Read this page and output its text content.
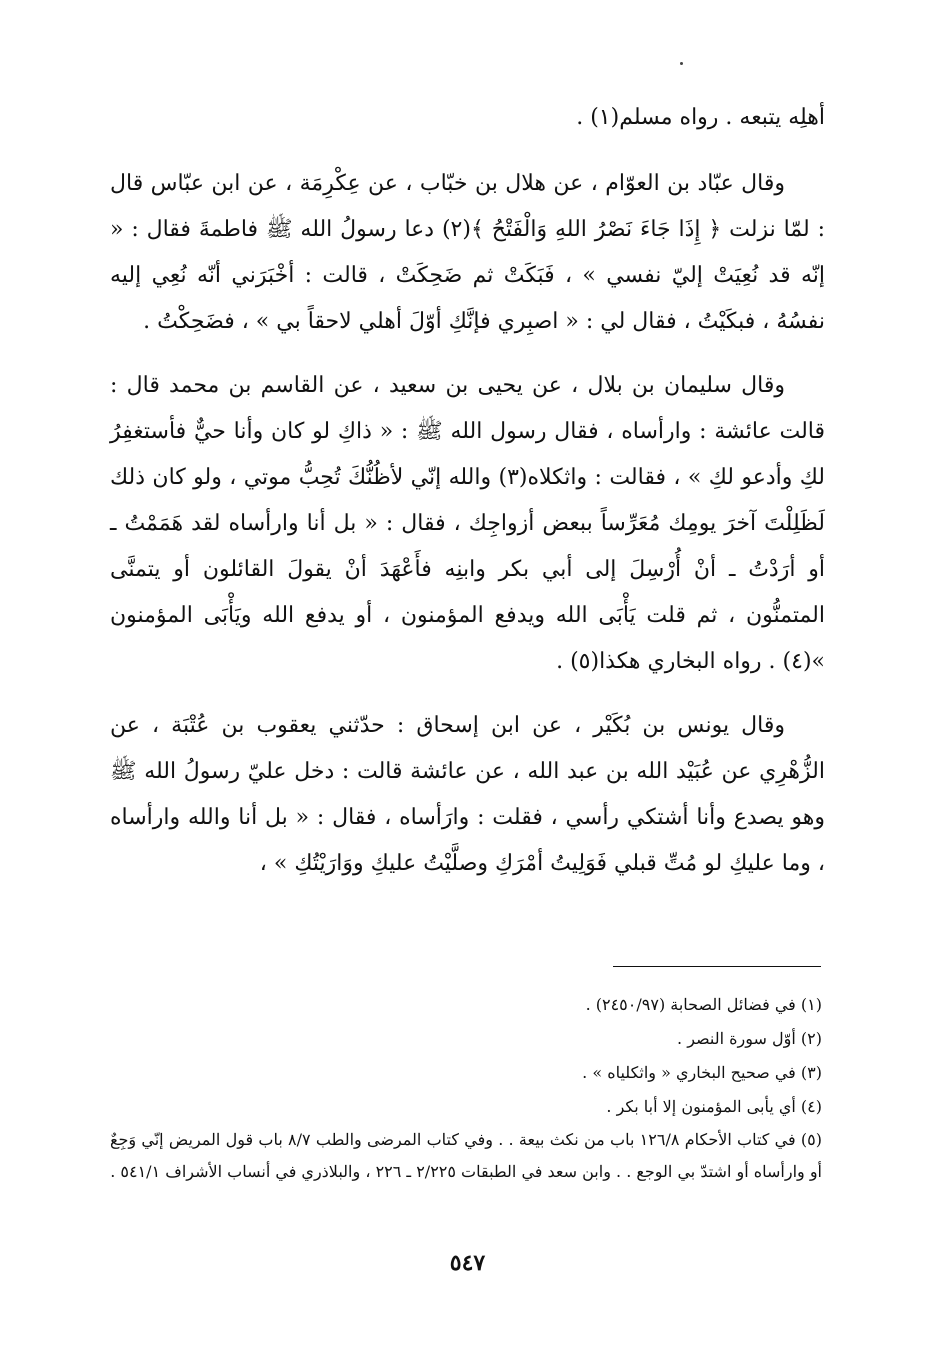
أهلِه يتبعه . رواه مسلم(١) .

وقال عبّاد بن العوّام ، عن هلال بن خبّاب ، عن عِكْرِمَة ، عن ابن عبّاس قال : لمّا نزلت ﴿ إِذَا جَاءَ نَصْرُ اللهِ وَالْفَتْحُ ﴾(٢) دعا رسولُ الله ﷺ فاطمةَ فقال : « إنّه قد نُعِيَتْ إليّ نفسي » ، فَبَكَتْ ثم ضَحِكَتْ ، قالت : أخْبَرَني أنّه نُعِي إليه نفسُهُ ، فبكَيْتُ ، فقال لي : « اصبِري فإنَّكِ أوّلَ أهلي لاحقاً بي » ، فضَحِكْتُ .

وقال سليمان بن بلال ، عن يحيى بن سعيد ، عن القاسم بن محمد قال : قالت عائشة : وارأساه ، فقال رسول الله ﷺ : « ذاكِ لو كان وأنا حيٌّ فأستغفِرُ لكِ وأدعو لكِ » ، فقالت : واثكلاه(٣) والله إنّي لأظُنُّكَ تُحِبُّ موتي ، ولو كان ذلك لَظَلِلْتَ آخرَ يومِك مُعَرِّساً ببعض أزواجِك ، فقال : « بل أنا وارأساه لقد هَمَمْتُ ـ أو أرَدْتُ ـ أنْ أُرْسِلَ إلى أبي بكر وابنِه فأَعْهَدَ أنْ يقولَ القائلون أو يتمنَّى المتمنُّون ، ثم قلت يَأْبَى الله ويدفع المؤمنون ، أو يدفع الله ويَأْبَى المؤمنون »(٤) . رواه البخاري هكذا(٥) .

وقال يونس بن بُكَيْر ، عن ابن إسحاق : حدّثني يعقوب بن عُتْبَة ، عن الزُّهْرِي عن عُبَيْد الله بن عبد الله ، عن عائشة قالت : دخل عليّ رسولُ الله ﷺ وهو يصدع وأنا أشتكي رأسي ، فقلت : وارَأساه ، فقال : « بل أنا والله وارأساه ، وما عليكِ لو مُتِّ قبلي فَوَلِيتُ أمْرَكِ وصلَّيْتُ عليكِ ووَارَيْتُكِ » ،

(١) في فضائل الصحابة (٢٤٥٠/٩٧) .

(٢) أوّل سورة النصر .

(٣) في صحيح البخاري « واثكلياه » .

(٤) أي يأبى المؤمنون إلا أبا بكر .

(٥) في كتاب الأحكام ١٢٦/٨ باب من نكث بيعة . . وفي كتاب المرضى والطب ٨/٧ باب قول المريض إنّي وَجِعٌ أو وارأساه أو اشتدّ بي الوجع . . وابن سعد في الطبقات ٢/٢٢٥ ـ ٢٢٦ ، والبلاذري في أنساب الأشراف ٥٤١/١ .

٥٤٧
